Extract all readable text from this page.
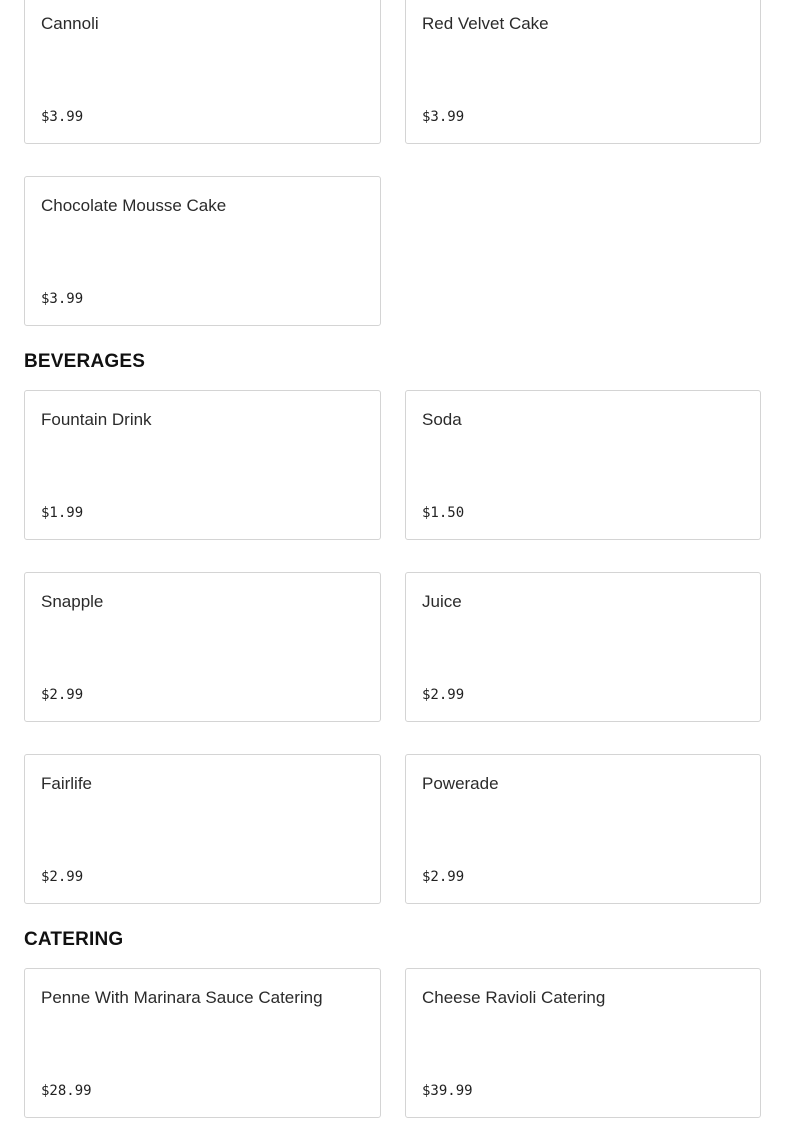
Cannoli
$3.99
Red Velvet Cake
$3.99
Chocolate Mousse Cake
$3.99
BEVERAGES
Fountain Drink
$1.99
Soda
$1.50
Snapple
$2.99
Juice
$2.99
Fairlife
$2.99
Powerade
$2.99
CATERING
Penne With Marinara Sauce Catering
$28.99
Cheese Ravioli Catering
$39.99
